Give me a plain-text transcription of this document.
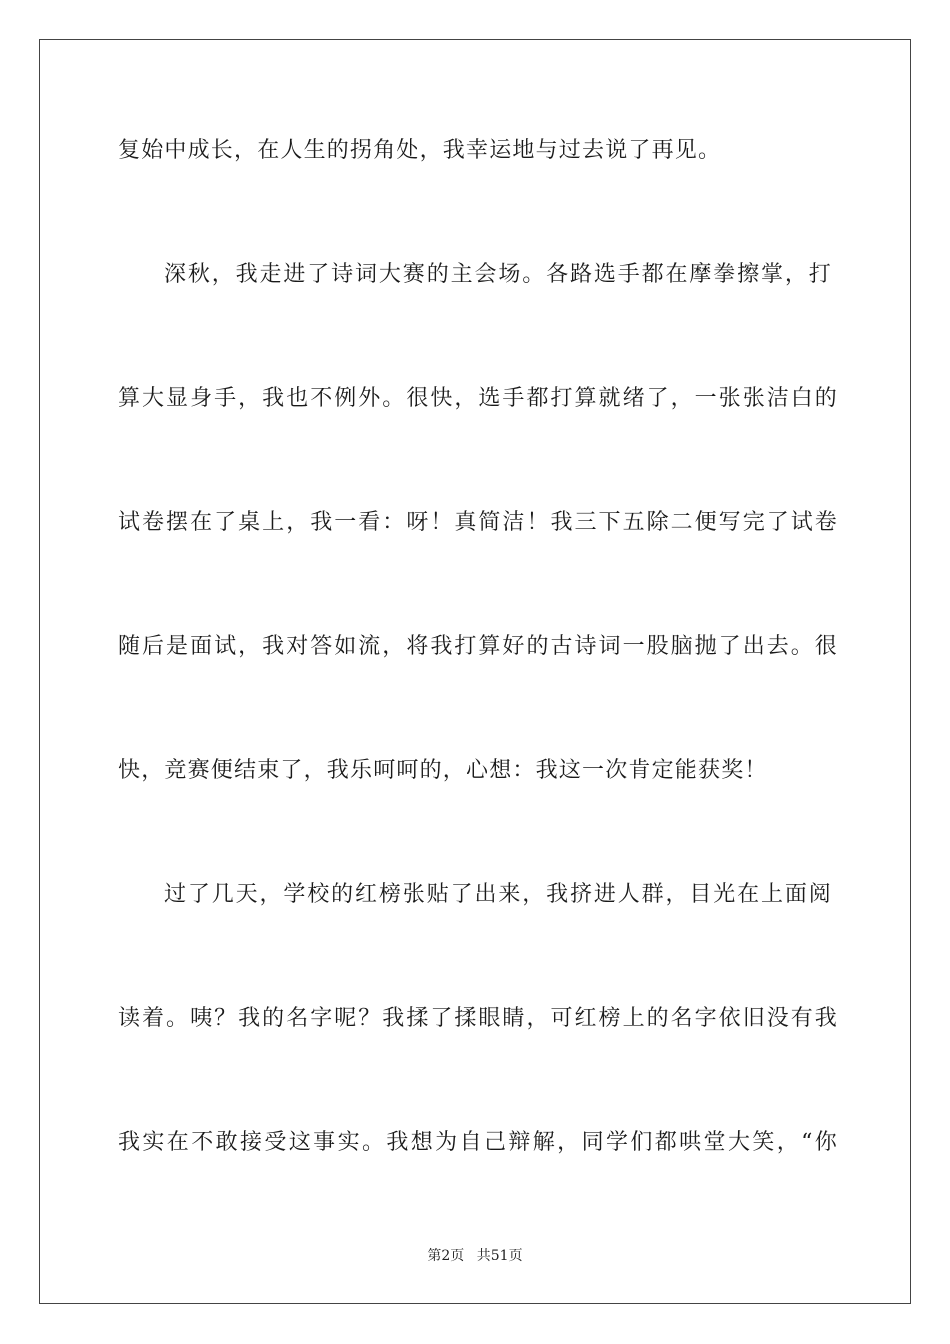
复始中成长，在人生的拐角处，我幸运地与过去说了再见。
深秋，我走进了诗词大赛的主会场。各路选手都在摩拳擦掌，打
算大显身手，我也不例外。很快，选手都打算就绪了，一张张洁白的
试卷摆在了桌上，我一看：呀！真简洁！我三下五除二便写完了试卷
随后是面试，我对答如流，将我打算好的古诗词一股脑抛了出去。很
快，竞赛便结束了，我乐呵呵的，心想：我这一次肯定能获奖！
过了几天，学校的红榜张贴了出来，我挤进人群，目光在上面阅
读着。咦？我的名字呢？我揉了揉眼睛，可红榜上的名字依旧没有我
我实在不敢接受这事实。我想为自己辩解，同学们都哄堂大笑，“你
第2页 共51页
